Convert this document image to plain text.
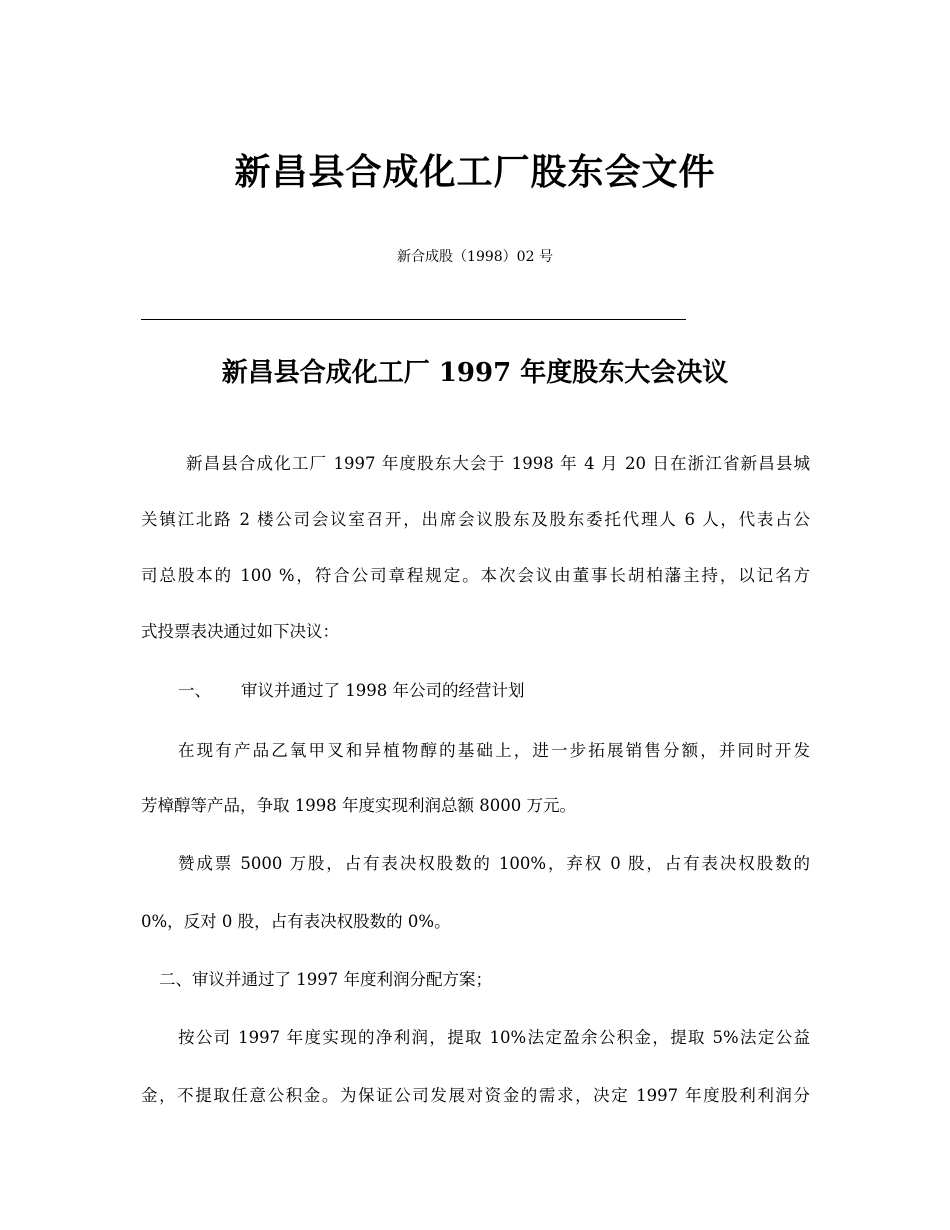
新昌县合成化工厂股东会文件
新合成股（1998）02 号
新昌县合成化工厂 1997 年度股东大会决议
新昌县合成化工厂 1997 年度股东大会于 1998 年 4 月 20 日在浙江省新昌县城
关镇江北路 2 楼公司会议室召开，出席会议股东及股东委托代理人 6 人，代表占公
司总股本的 100 %，符合公司章程规定。本次会议由董事长胡柏藩主持，以记名方
式投票表决通过如下决议：
一、 审议并通过了 1998 年公司的经营计划
在现有产品乙氧甲叉和异植物醇的基础上，进一步拓展销售分额，并同时开发
芳樟醇等产品，争取 1998 年度实现利润总额 8000 万元。
赞成票 5000 万股，占有表决权股数的 100%，弃权 0 股，占有表决权股数的
0%，反对 0 股，占有表决权股数的 0%。
二、审议并通过了 1997 年度利润分配方案；
按公司 1997 年度实现的净利润，提取 10%法定盈余公积金，提取 5%法定公益
金，不提取任意公积金。为保证公司发展对资金的需求，决定 1997 年度股利利润分
